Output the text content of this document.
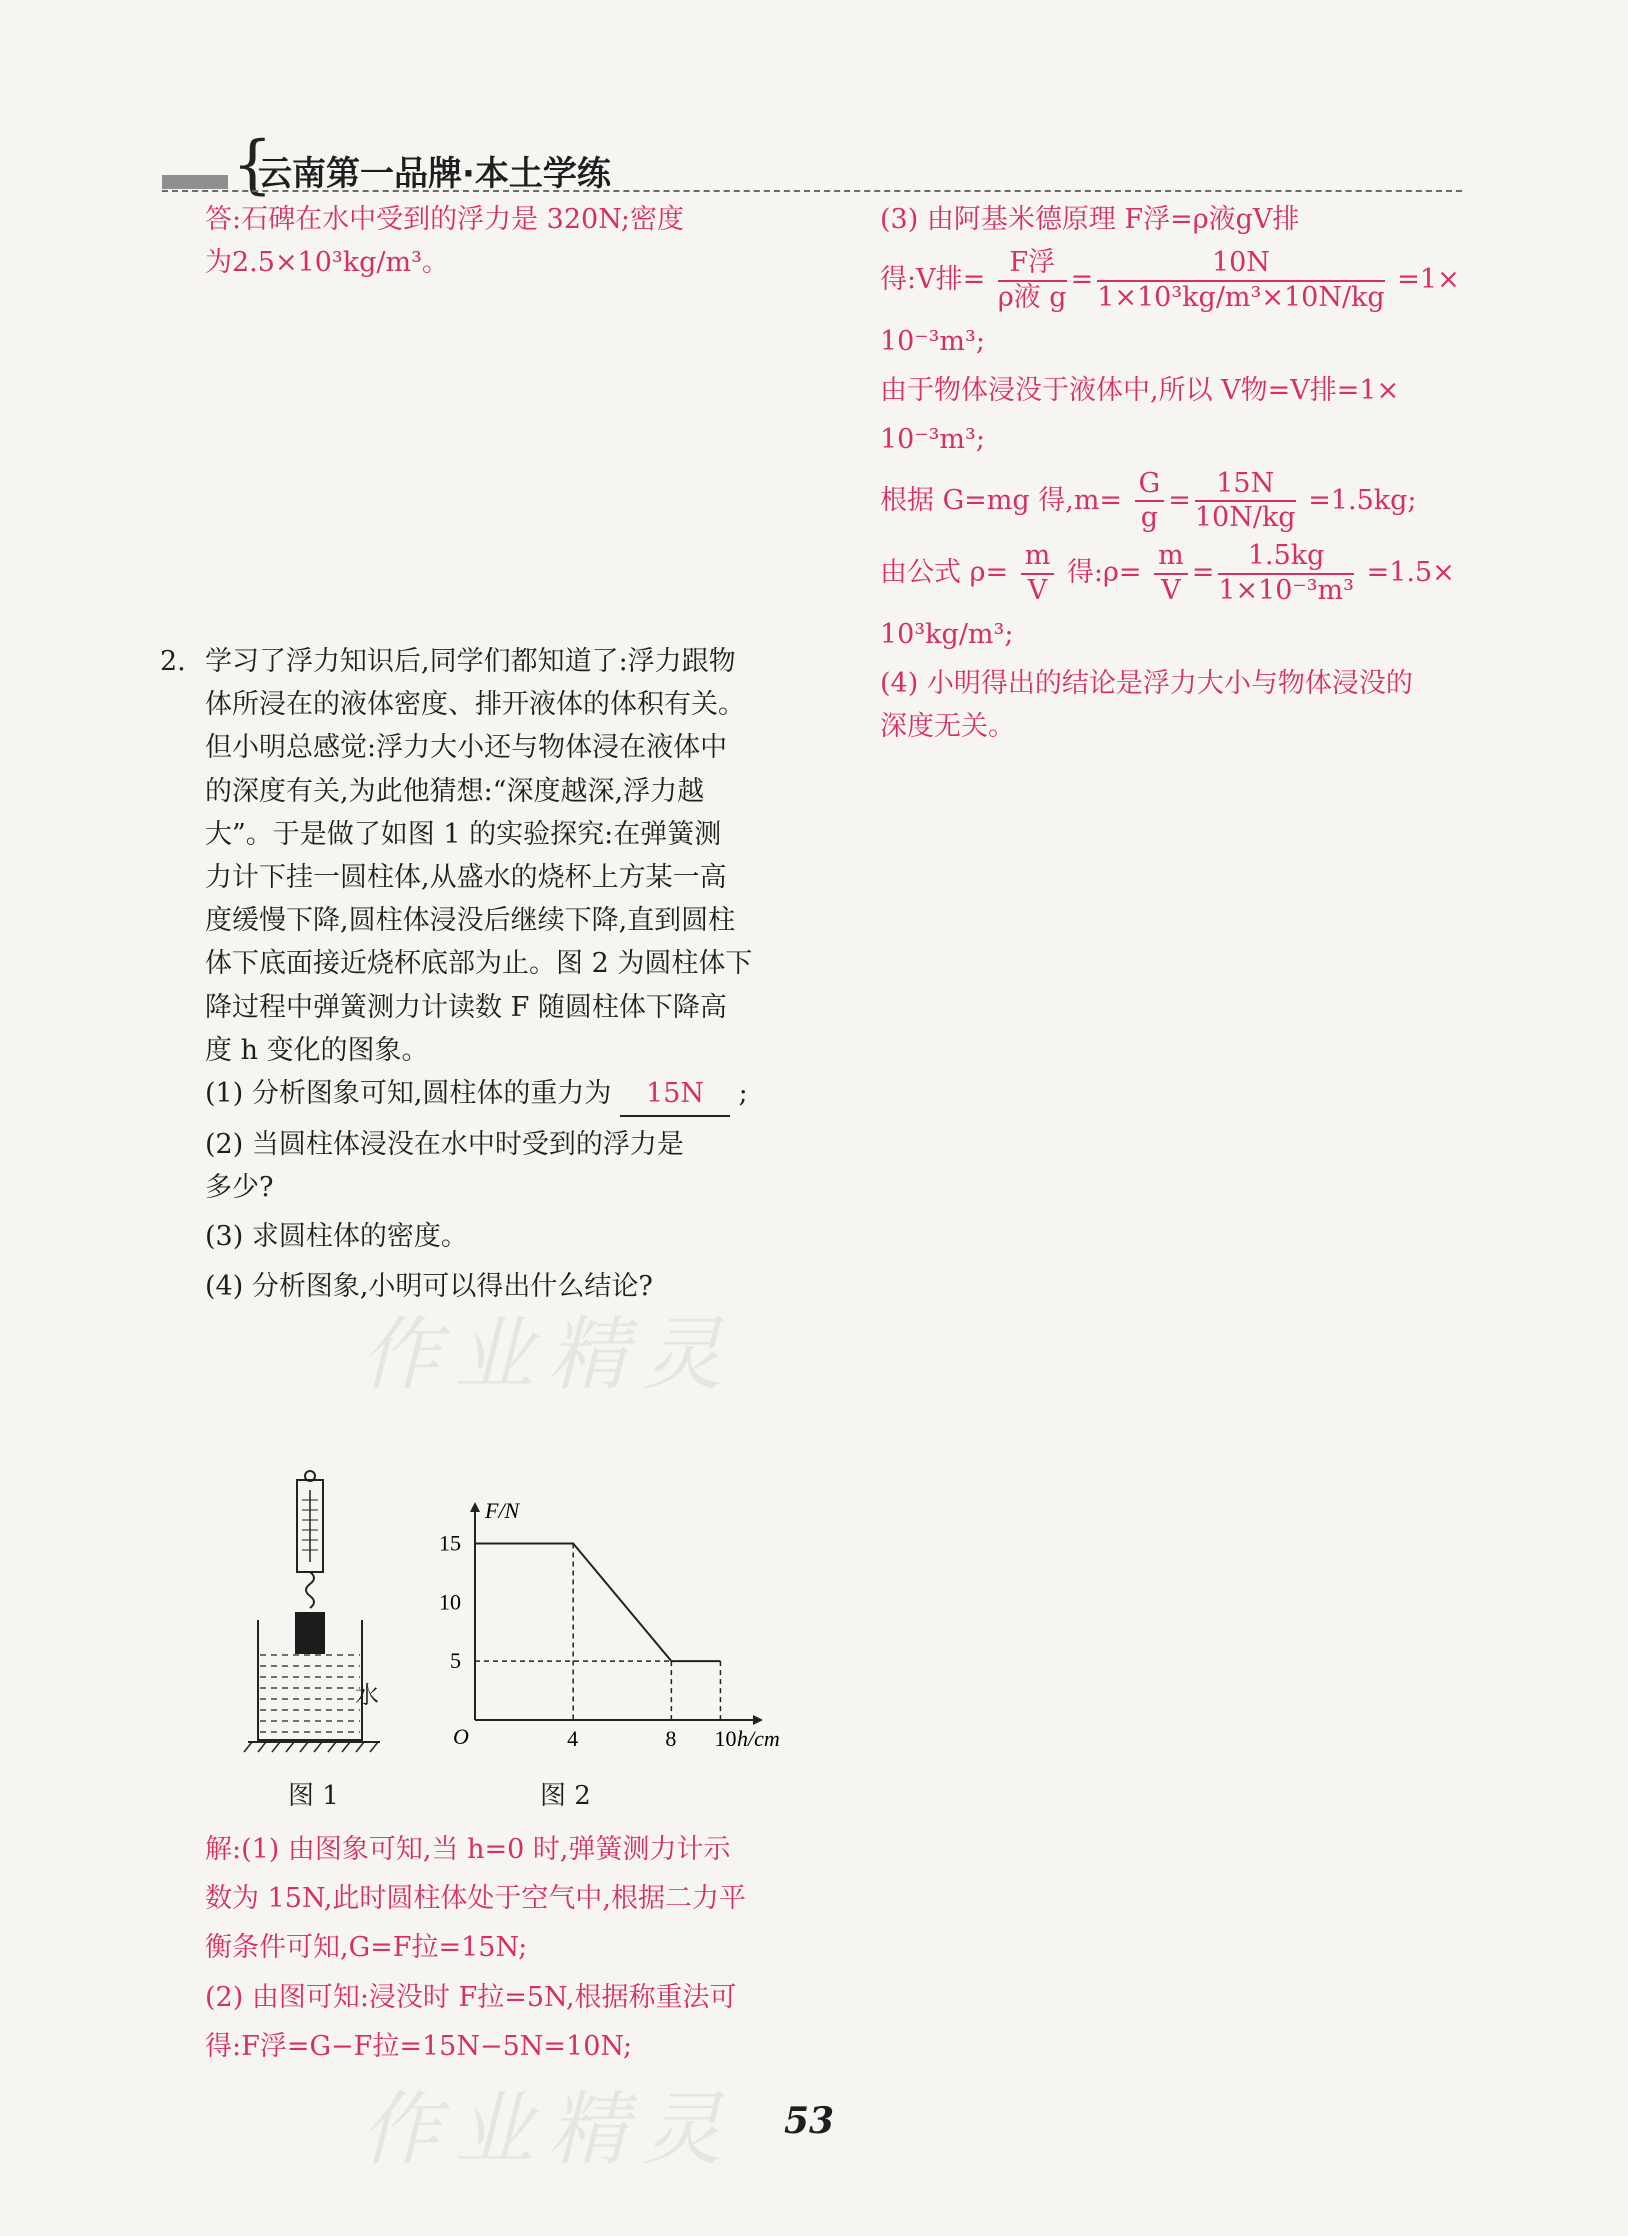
{
云南第一品牌·本土学练

答:石碑在水中受到的浮力是 320N;密度

为2.5×10³kg/m³。

2. 学习了浮力知识后,同学们都知道了:浮力跟物

体所浸在的液体密度、排开液体的体积有关。

但小明总感觉:浮力大小还与物体浸在液体中

的深度有关,为此他猜想:“深度越深,浮力越

大”。于是做了如图 1 的实验探究:在弹簧测

力计下挂一圆柱体,从盛水的烧杯上方某一高

度缓慢下降,圆柱体浸没后继续下降,直到圆柱

体下底面接近烧杯底部为止。图 2 为圆柱体下

降过程中弹簧测力计读数 F 随圆柱体下降高

度 h 变化的图象。

(1) 分析图象可知,圆柱体的重力为 15N ;

(2) 当圆柱体浸没在水中时受到的浮力是

多少?

(3) 求圆柱体的密度。

(4) 分析图象,小明可以得出什么结论?

水
图 1
4	8 10
5
10
15
h/cm
F/N
O
图 2

解:(1) 由图象可知,当 h=0 时,弹簧测力计示

数为 15N,此时圆柱体处于空气中,根据二力平

衡条件可知,G=F拉=15N;

(2) 由图可知:浸没时 F拉=5N,根据称重法可

得:F浮=G−F拉=15N−5N=10N;

(3) 由阿基米德原理 F浮=ρ液gV排

得:V排= $\frac{\text{F浮}}{\text{ρ液 g}} = \frac{10N}{\text{1×10³kg/m³×10N/kg}} =1\times$

10⁻³m³;

由于物体浸没于液体中,所以 V物=V排=1×

10⁻³m³;

根据 G=mg 得$,m= \frac{G}{g} = \frac{15N}{10N/kg} =1.5kg$;

由公式 $\rho= \frac{m}{V}$ 得:ρ= $\frac{m}{V} = \frac{1.5kg}{\text{1×10⁻³m³}} =1.5\times$

10³kg/m³;

(4) 小明得出的结论是浮力大小与物体浸没的

深度无关。

作业精灵
作业精灵 53
